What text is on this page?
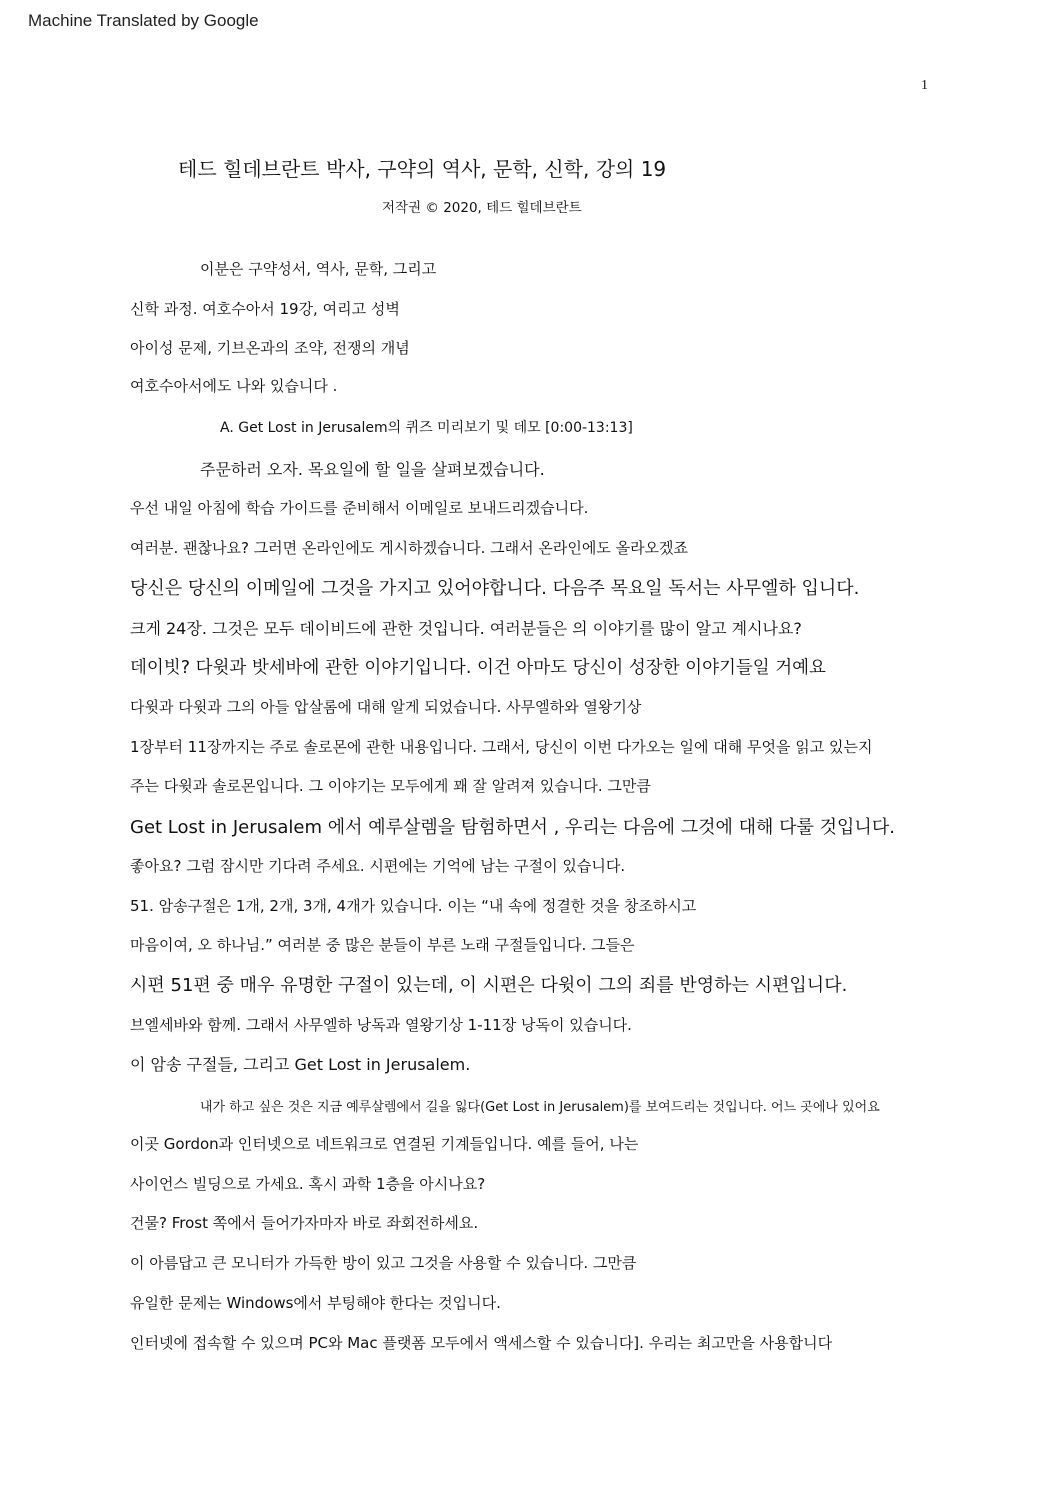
Machine Translated by Google
1
테드 힐데브란트 박사, 구약의 역사, 문학, 신학, 강의 19
저작권 © 2020, 테드 힐데브란트
이분은 구약성서, 역사, 문학, 그리고
신학 과정. 여호수아서 19강, 여리고 성벽
아이성 문제, 기브온과의 조약, 전쟁의 개념
여호수아서에도 나와 있습니다 .
A. Get Lost in Jerusalem의 퀴즈 미리보기 및 데모 [0:00-13:13]
주문하러 오자. 목요일에 할 일을 살펴보겠습니다.
우선 내일 아침에 학습 가이드를 준비해서 이메일로 보내드리겠습니다.
여러분. 괜찮나요? 그러면 온라인에도 게시하겠습니다. 그래서 온라인에도 올라오겠죠
당신은 당신의 이메일에 그것을 가지고 있어야합니다. 다음주 목요일 독서는 사무엘하 입니다.
크게 24장. 그것은 모두 데이비드에 관한 것입니다. 여러분들은 의 이야기를 많이 알고 계시나요?
데이빗? 다윗과 밧세바에 관한 이야기입니다. 이건 아마도 당신이 성장한 이야기들일 거예요
다윗과 다윗과 그의 아들 압살롬에 대해 알게 되었습니다. 사무엘하와 열왕기상
1장부터 11장까지는 주로 솔로몬에 관한 내용입니다. 그래서, 당신이 이번 다가오는 일에 대해 무엇을 읽고 있는지
주는 다윗과 솔로몬입니다. 그 이야기는 모두에게 꽤 잘 알려져 있습니다. 그만큼
Get Lost in Jerusalem 에서 예루살렘을 탐험하면서 , 우리는 다음에 그것에 대해 다룰 것입니다.
좋아요? 그럼 잠시만 기다려 주세요. 시편에는 기억에 남는 구절이 있습니다.
51. 암송구절은 1개, 2개, 3개, 4개가 있습니다. 이는 “내 속에 정결한 것을 창조하시고
마음이여, 오 하나님.” 여러분 중 많은 분들이 부른 노래 구절들입니다. 그들은
시편 51편 중 매우 유명한 구절이 있는데, 이 시편은 다윗이 그의 죄를 반영하는 시편입니다.
브엘세바와 함께. 그래서 사무엘하 낭독과 열왕기상 1-11장 낭독이 있습니다.
이 암송 구절들, 그리고 Get Lost in Jerusalem.
내가 하고 싶은 것은 지금 예루살렘에서 길을 잃다(Get Lost in Jerusalem)를 보여드리는 것입니다. 어느 곳에나 있어요
이곳 Gordon과 인터넷으로 네트워크로 연결된 기계들입니다. 예를 들어, 나는
사이언스 빌딩으로 가세요. 혹시 과학 1층을 아시나요?
건물? Frost 쪽에서 들어가자마자 바로 좌회전하세요.
이 아름답고 큰 모니터가 가득한 방이 있고 그것을 사용할 수 있습니다. 그만큼
유일한 문제는 Windows에서 부팅해야 한다는 것입니다.
인터넷에 접속할 수 있으며 PC와 Mac 플랫폼 모두에서 액세스할 수 있습니다]. 우리는 최고만을 사용합니다
